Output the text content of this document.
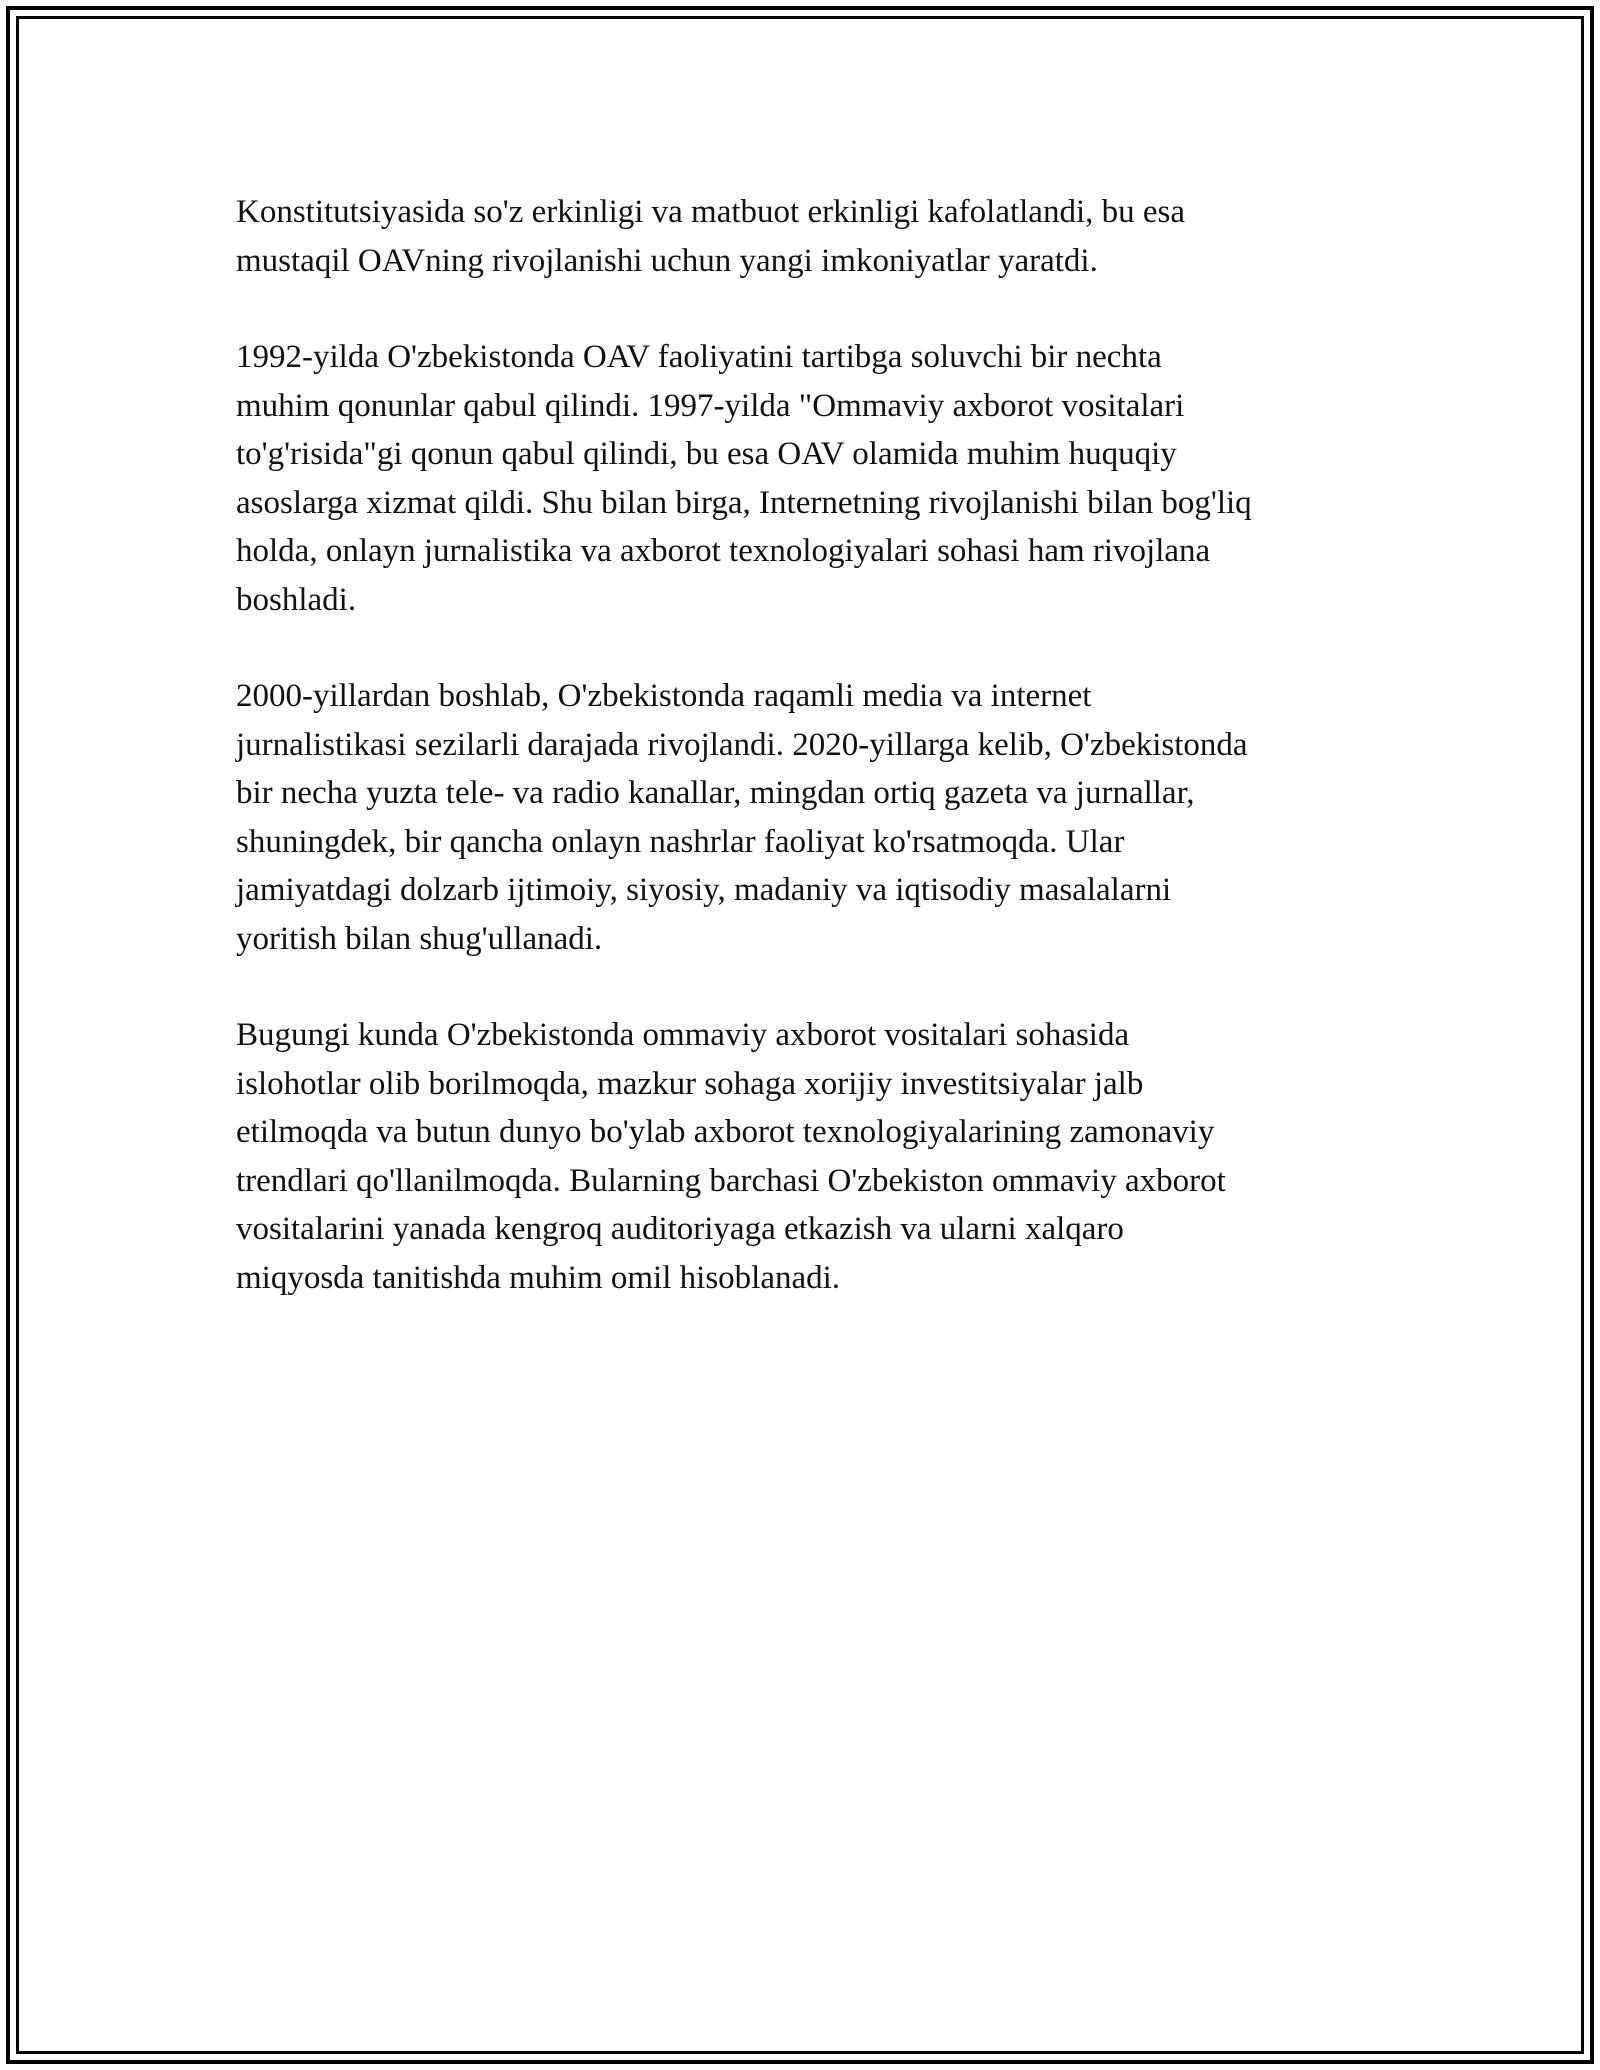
Konstitutsiyasida so'z erkinligi va matbuot erkinligi kafolatlandi, bu esa
mustaqil OAVning rivojlanishi uchun yangi imkoniyatlar yaratdi.

1992-yilda O'zbekistonda OAV faoliyatini tartibga soluvchi bir nechta
muhim qonunlar qabul qilindi. 1997-yilda "Ommaviy axborot vositalari
to'g'risida"gi qonun qabul qilindi, bu esa OAV olamida muhim huquqiy
asoslarga xizmat qildi. Shu bilan birga, Internetning rivojlanishi bilan bog'liq
holda, onlayn jurnalistika va axborot texnologiyalari sohasi ham rivojlana
boshladi.

2000-yillardan boshlab, O'zbekistonda raqamli media va internet
jurnalistikasi sezilarli darajada rivojlandi. 2020-yillarga kelib, O'zbekistonda
bir necha yuzta tele- va radio kanallar, mingdan ortiq gazeta va jurnallar,
shuningdek, bir qancha onlayn nashrlar faoliyat ko'rsatmoqda. Ular
jamiyatdagi dolzarb ijtimoiy, siyosiy, madaniy va iqtisodiy masalalarni
yoritish bilan shug'ullanadi.

Bugungi kunda O'zbekistonda ommaviy axborot vositalari sohasida
islohotlar olib borilmoqda, mazkur sohaga xorijiy investitsiyalar jalb
etilmoqda va butun dunyo bo'ylab axborot texnologiyalarining zamonaviy
trendlari qo'llanilmoqda. Bularning barchasi O'zbekiston ommaviy axborot
vositalarini yanada kengroq auditoriyaga etkazish va ularni xalqaro
miqyosda tanitishda muhim omil hisoblanadi.
